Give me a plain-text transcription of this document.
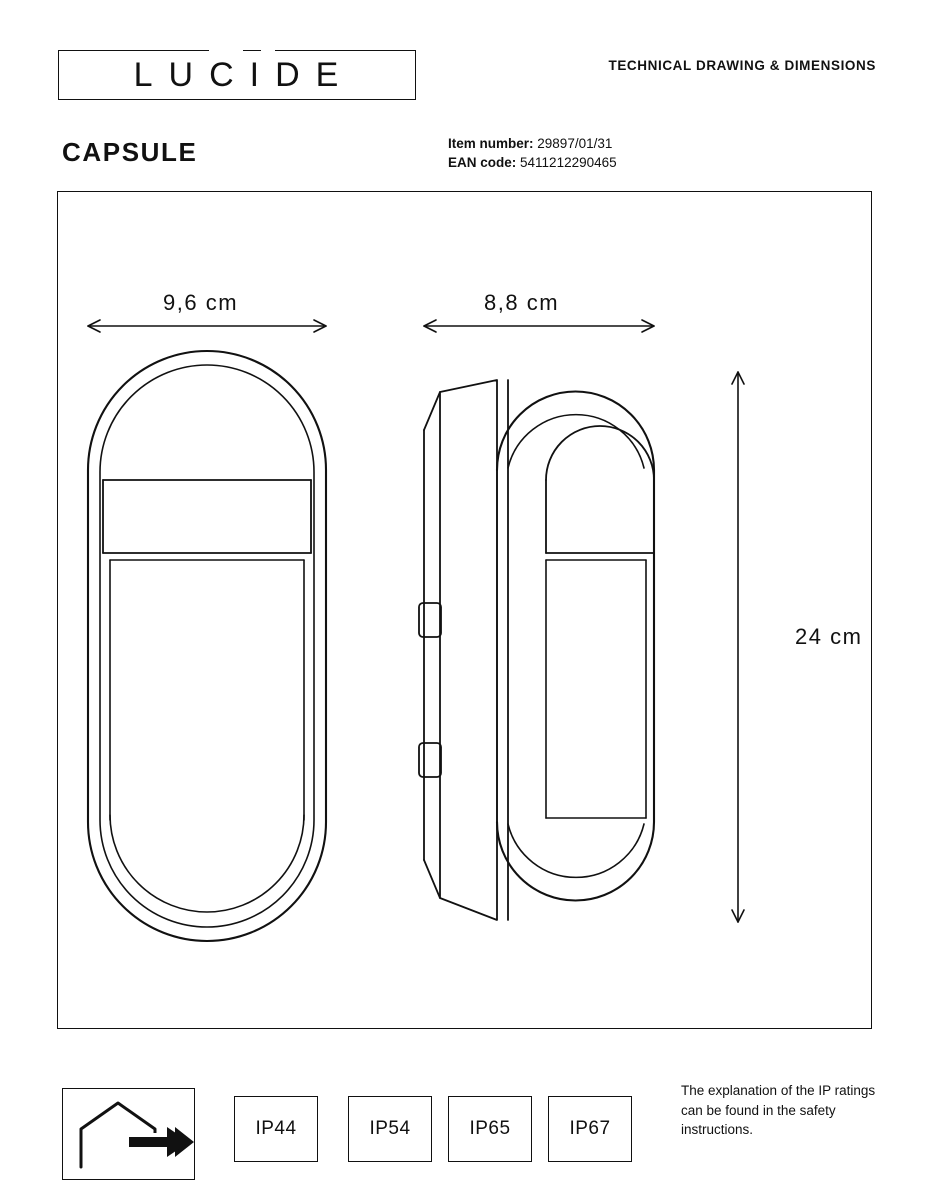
LUCIDE	TECHNICAL DRAWING & DIMENSIONS
CAPSULE	Item number: 29897/01/31
EAN code: 5411212290465
9,6 cm	8,8 cm
24 cm
IP44	IP54	IP65	IP67
The explanation of the IP ratings can be found in the safety instructions.
